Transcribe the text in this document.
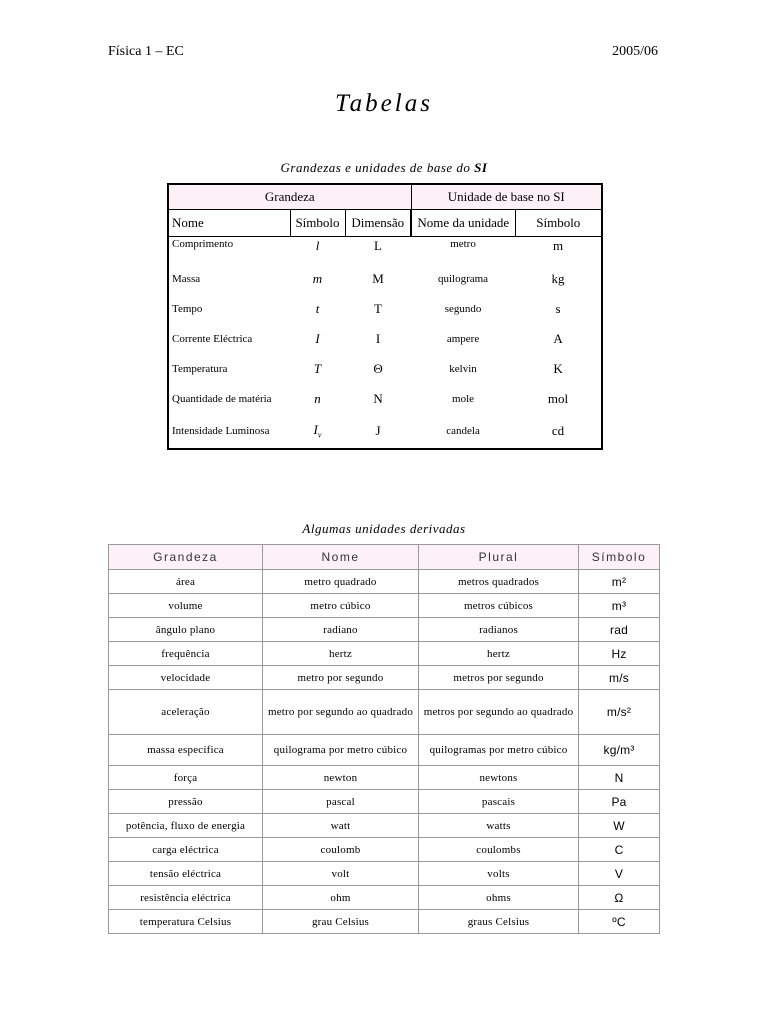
Física 1 – EC	2005/06
Tabelas
Grandezas e unidades de base do SI
Grandeza			Unidade de base no SI	
Nome	Símbolo	Dimensão	Nome da unidade	Símbolo
Comprimento	l	L	metro	m
Massa	m	M	quilograma	kg
Tempo	t	T	segundo	s
Corrente Eléctrica	I	I	ampere	A
Temperatura	T	Θ	kelvin	K
Quantidade de matéria	n	N	mole	mol
Intensidade Luminosa	$I_v$	J	candela	cd
Algumas unidades derivadas
Grandeza	Nome	Plural	Símbolo
área	metro quadrado	metros quadrados	m²
volume	metro cúbico	metros cúbicos	m³
ângulo plano	radiano	radianos	rad
frequência	hertz	hertz	Hz
velocidade	metro por segundo	metros por segundo	m/s
aceleração	metro por segundo ao quadrado	metros por segundo ao quadrado	m/s²
massa específica	quilograma por metro cúbico	quilogramas por metro cúbico	kg/m³
força	newton	newtons	N
pressão	pascal	pascais	Pa
potência, fluxo de energia	watt	watts	W
carga eléctrica	coulomb	coulombs	C
tensão eléctrica	volt	volts	V
resistência eléctrica	ohm	ohms	Ω
temperatura Celsius	grau Celsius	graus Celsius	ºC
